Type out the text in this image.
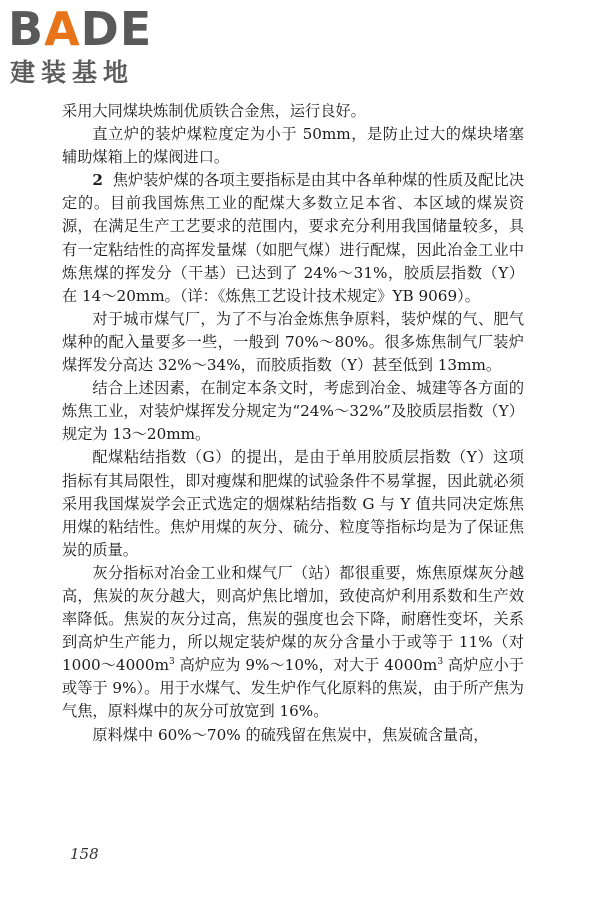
BADE
建装基地

采用大同煤块炼制优质铁合金焦，运行良好。

直立炉的装炉煤粒度定为小于 50mm，是防止过大的煤块堵塞辅助煤箱上的煤阀进口。

2 焦炉装炉煤的各项主要指标是由其中各单种煤的性质及配比决定的。目前我国炼焦工业的配煤大多数立足本省、本区域的煤炭资源，在满足生产工艺要求的范围内，要求充分利用我国储量较多，具有一定粘结性的高挥发量煤（如肥气煤）进行配煤，因此冶金工业中炼焦煤的挥发分（干基）已达到了 24%～31%，胶质层指数（Y）在 14～20mm。（详：《炼焦工艺设计技术规定》YB 9069）。

对于城市煤气厂，为了不与冶金炼焦争原料，装炉煤的气、肥气煤种的配入量要多一些，一般到 70%～80%。很多炼焦制气厂装炉煤挥发分高达 32%～34%，而胶质指数（Y）甚至低到 13mm。

结合上述因素，在制定本条文时，考虑到冶金、城建等各方面的炼焦工业，对装炉煤挥发分规定为“24%～32%”及胶质层指数（Y）规定为 13～20mm。

配煤粘结指数（G）的提出，是由于单用胶质层指数（Y）这项指标有其局限性，即对瘦煤和肥煤的试验条件不易掌握，因此就必须采用我国煤炭学会正式选定的烟煤粘结指数 G 与 Y 值共同决定炼焦用煤的粘结性。焦炉用煤的灰分、硫分、粒度等指标均是为了保证焦炭的质量。

灰分指标对冶金工业和煤气厂（站）都很重要，炼焦原煤灰分越高，焦炭的灰分越大，则高炉焦比增加，致使高炉利用系数和生产效率降低。焦炭的灰分过高，焦炭的强度也会下降，耐磨性变坏，关系到高炉生产能力，所以规定装炉煤的灰分含量小于或等于 11%（对 $1000\sim 4000m^3$ 高炉应为 9%～10%，对大于 $4000m^3$ 高炉应小于或等于 9%）。用于水煤气、发生炉作气化原料的焦炭，由于所产焦为气焦，原料煤中的灰分可放宽到 16%。

原料煤中 60%～70% 的硫残留在焦炭中，焦炭硫含量高，

158
